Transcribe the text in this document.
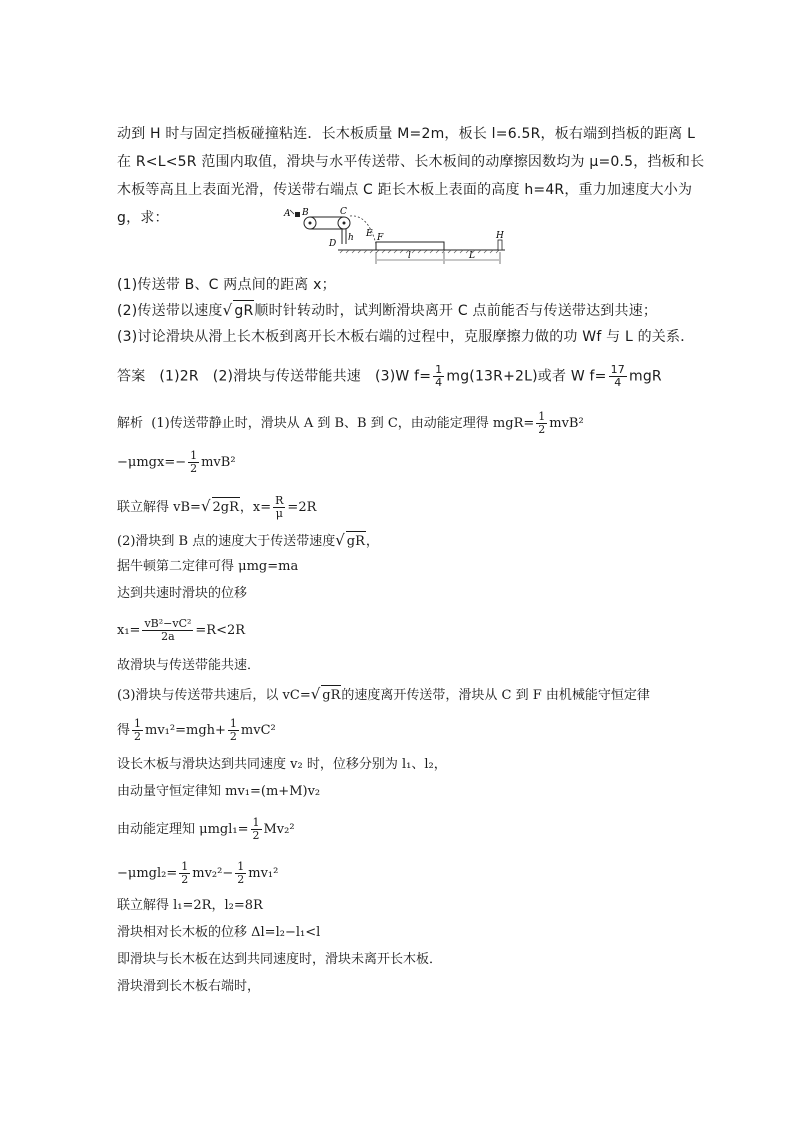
动到 H 时与固定挡板碰撞粘连．长木板质量 M=2m，板长 l=6.5R，板右端到挡板的距离 L
在 R<L<5R 范围内取值，滑块与水平传送带、长木板间的动摩擦因数均为 μ=0.5，挡板和长
木板等高且上表面光滑，传送带右端点 C 距长木板上表面的高度 h=4R，重力加速度大小为
g，求：	A B	C
D
E F	H
h
l	L
(1)传送带 B、C 两点间的距离 x；
(2)传送带以速度√ gR顺时针转动时，试判断滑块离开 C 点前能否与传送带达到共速；
(3)讨论滑块从滑上长木板到离开长木板右端的过程中，克服摩擦力做的功 Wf 与 L 的关系．
答案 (1)2R (2)滑块与传送带能共速 (3)W $f= \frac{1}{4} mg(13R+2L)$或者 W $f= \frac{17}{4}$ mgR
解析 (1)传送带静止时，滑块从 A 到 B、B 到 C，由动能定理得 $mgR= \frac{1}{2} mvB^2$
$-\mu mgx=- \frac{1}{2} mvB^2$
联立解得 vB=√ 2gR，$x= \frac{R}{\mu} =2R$
(2)滑块到 B 点的速度大于传送带速度√ gR，
据牛顿第二定律可得 μmg=ma
达到共速时滑块的位移
$x_1= \frac{\text{vB²−vC²}}{2a} =R<2R$
故滑块与传送带能共速．
(3)滑块与传送带共速后，以 vC=√ gR的速度离开传送带，滑块从 C 到 F 由机械能守恒定律
得 $\frac{1}{2} mv_1^2=mgh+ \frac{1}{2} mvC^2$
设长木板与滑块达到共同速度 v₂ 时，位移分别为 l₁、l₂，
由动量守恒定律知 mv₁=(m+M)v₂
由动能定理知 $\mu mgl_1= \frac{1}{2} Mv_2^2$
$-\mu mgl_2= \frac{1}{2} mv_2^2- \frac{1}{2} mv_1^2$
联立解得 l₁=2R，l₂=8R
滑块相对长木板的位移 Δl=l₂−l₁<l
即滑块与长木板在达到共同速度时，滑块未离开长木板．
滑块滑到长木板右端时，
